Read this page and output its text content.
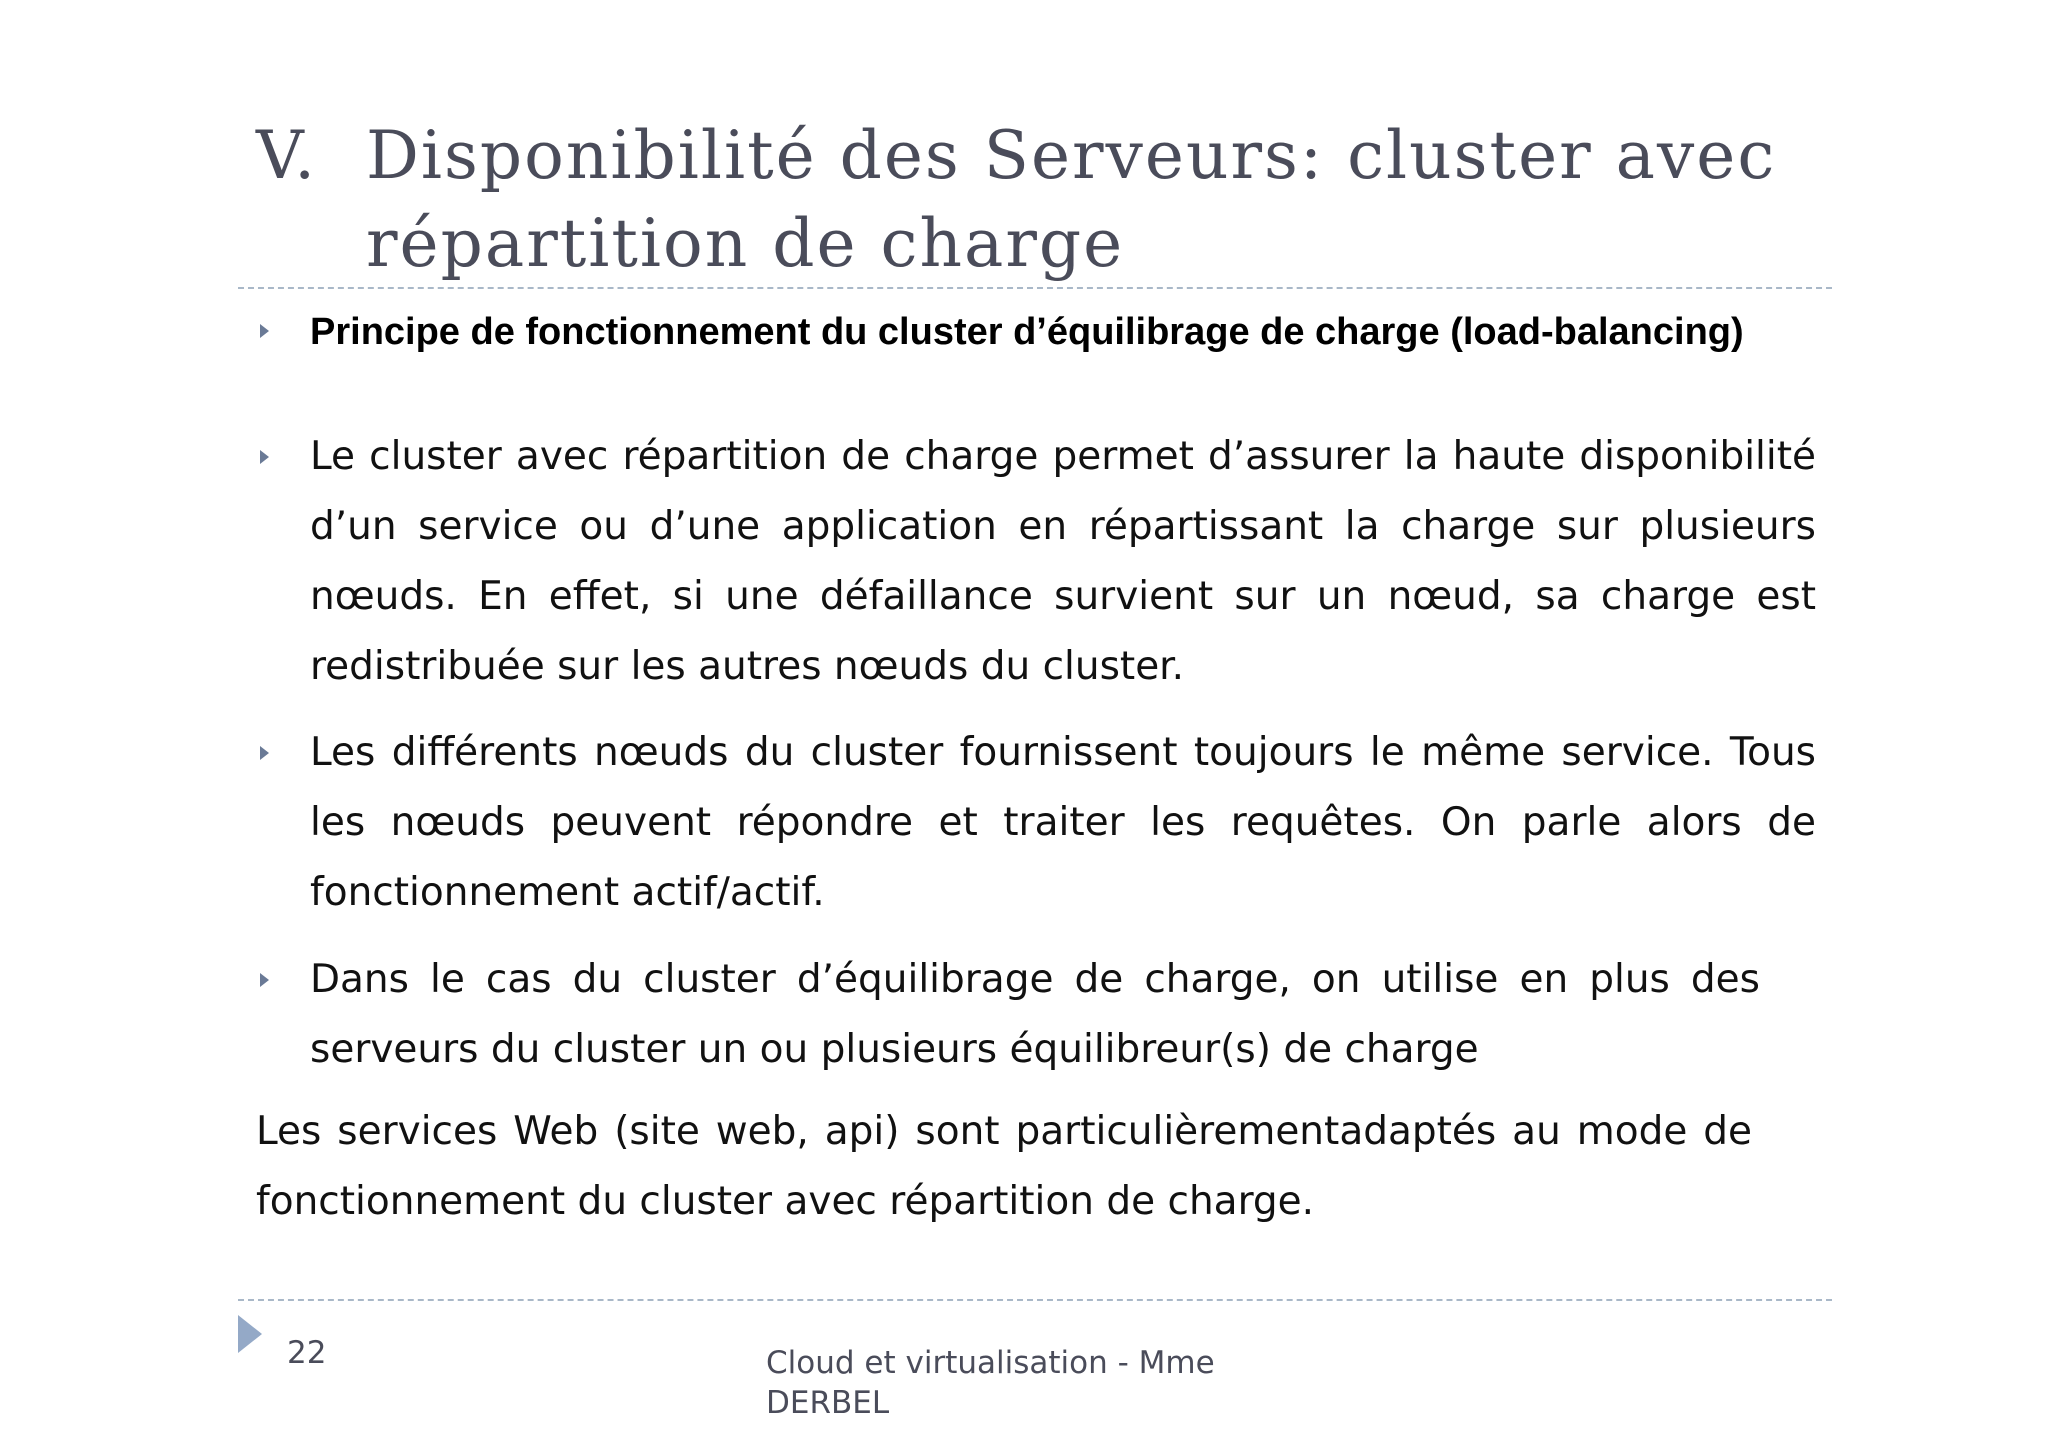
V. Disponibilité des Serveurs: cluster avec répartition de charge
Principe de fonctionnement du cluster d’équilibrage de charge (load-balancing)
Le cluster avec répartition de charge permet d’assurer la haute disponibilité d’un service ou d’une application en répartissant la charge sur plusieurs nœuds. En effet, si une défaillance survient sur un nœud, sa charge est redistribuée sur les autres nœuds du cluster.
Les différents nœuds du cluster fournissent toujours le même service. Tous les nœuds peuvent répondre et traiter les requêtes. On parle alors de fonctionnement actif/actif.
Dans le cas du cluster d’équilibrage de charge, on utilise en plus des serveurs du cluster un ou plusieurs équilibreur(s) de charge
Les services Web (site web, api) sont particulièrementadaptés au mode de fonctionnement du cluster avec répartition de charge.
22	Cloud et virtualisation - Mme DERBEL
